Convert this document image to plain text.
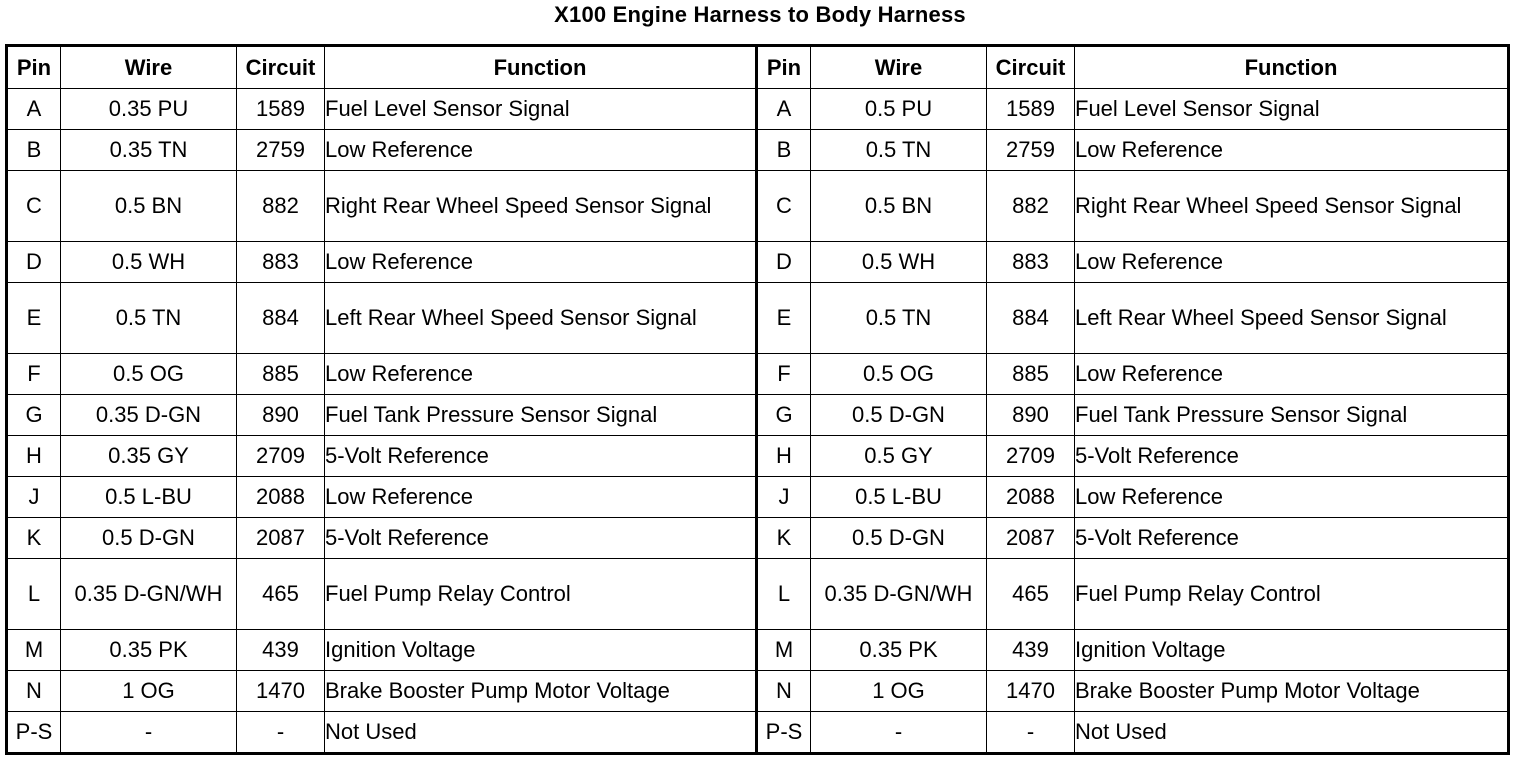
X100 Engine Harness to Body Harness
Pin	Wire	Circuit	Function	Pin	Wire	Circuit	Function
A	0.35 PU	1589	Fuel Level Sensor Signal	A	0.5 PU	1589	Fuel Level Sensor Signal
B	0.35 TN	2759	Low Reference	B	0.5 TN	2759	Low Reference
C	0.5 BN	882	Right Rear Wheel Speed Sensor Signal	C	0.5 BN	882	Right Rear Wheel Speed Sensor Signal
D	0.5 WH	883	Low Reference	D	0.5 WH	883	Low Reference
E	0.5 TN	884	Left Rear Wheel Speed Sensor Signal	E	0.5 TN	884	Left Rear Wheel Speed Sensor Signal
F	0.5 OG	885	Low Reference	F	0.5 OG	885	Low Reference
G	0.35 D-GN	890	Fuel Tank Pressure Sensor Signal	G	0.5 D-GN	890	Fuel Tank Pressure Sensor Signal
H	0.35 GY	2709	5-Volt Reference	H	0.5 GY	2709	5-Volt Reference
J	0.5 L-BU	2088	Low Reference	J	0.5 L-BU	2088	Low Reference
K	0.5 D-GN	2087	5-Volt Reference	K	0.5 D-GN	2087	5-Volt Reference
L	0.35 D-GN/WH	465	Fuel Pump Relay Control	L	0.35 D-GN/WH	465	Fuel Pump Relay Control
M	0.35 PK	439	Ignition Voltage	M	0.35 PK	439	Ignition Voltage
N	1 OG	1470	Brake Booster Pump Motor Voltage	N	1 OG	1470	Brake Booster Pump Motor Voltage
P-S	-	-	Not Used	P-S	-	-	Not Used
